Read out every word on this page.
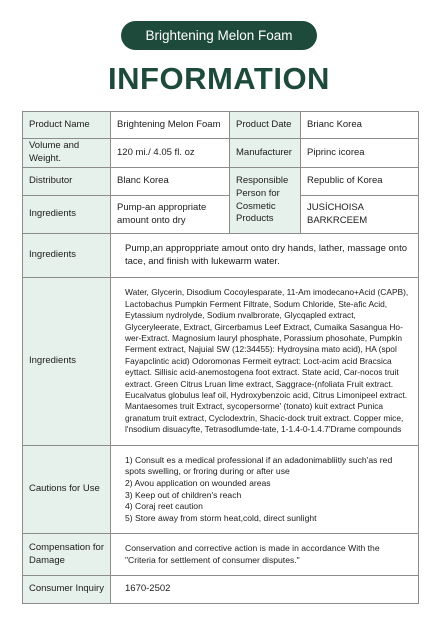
Brightening Melon Foam
INFORMATION
Product Name	Brightening Melon Foam	Product Date	Brianc Korea
Volume and Weight.	120 mi./ 4.05 fl. oz	Manufacturer	Piprinc icorea
Distributor	Blanc Korea	Responsible Person for Cosmetic Products	Republic of Korea
Ingredients	Pump-an appropriate amount onto dry		JUSİCHOISA BARKRCEEM
Ingredients	Pump,an approppriate amout onto dry hands, lather, massage onto tace, and finish with lukewarm water.		
Ingredients	Water, Glycerin, Disodium Cocoylesparate, 11-Am imodecano+Acid (CAPB), Lactobachus Pumpkin Ferment Filtrate, Sodum Chloride, Ste-afic Acid, Eytassium nydrolyde, Sodium nvalbrorate, Glycqapled extract, Glyceryleerate, Extract, Gircerbamus Leef Extract, Cumaika Sasangua Ho-wer-Extract. Magnosium lauryl phosphate, Porassium phosohate, Pumpkin Ferment extract, Najuial SW (12:34455): Hydroysina mato acid), HA (spol Fayapclintic acid) Odoromonas Fermeit eytract: Loct-acim acid Bracsica eyttact. Sillisic acid-anemostogena foot extract. State acid, Car-nocos truit extract. Green Citrus Lruan lime extract, Saggrace-(nfoliata Fruit extract. Eucalvatus globulus leaf oil, Hydroxybenzoic acid, Citrus Limonipeel extract. Mantaesomes truit Extract, sycopersorme' (tonato) kuit extract Punica granatum truit extract, Cyclodextrin, Shacic-dock truit extract. Copper mice, l'nsodium disuacyfte, Tetrasodlumde-tate, 1-1.4-0-1.4.7'Drame compounds		
Cautions for Use	1) Consult es a medical professional if an adadonimabliitly such'as red spots swelling, or froring during or after use
2) Avou application on wounded areas
3) Keep out of children's reach
4) Coraj reet caution
5) Store away from storm heat,cold, direct sunlight		

Compensation for Damage	Conservation and corrective action is made in accordance With the "Criteria for settlement of consumer disputes."		
Consumer Inquiry	1670-2502		
